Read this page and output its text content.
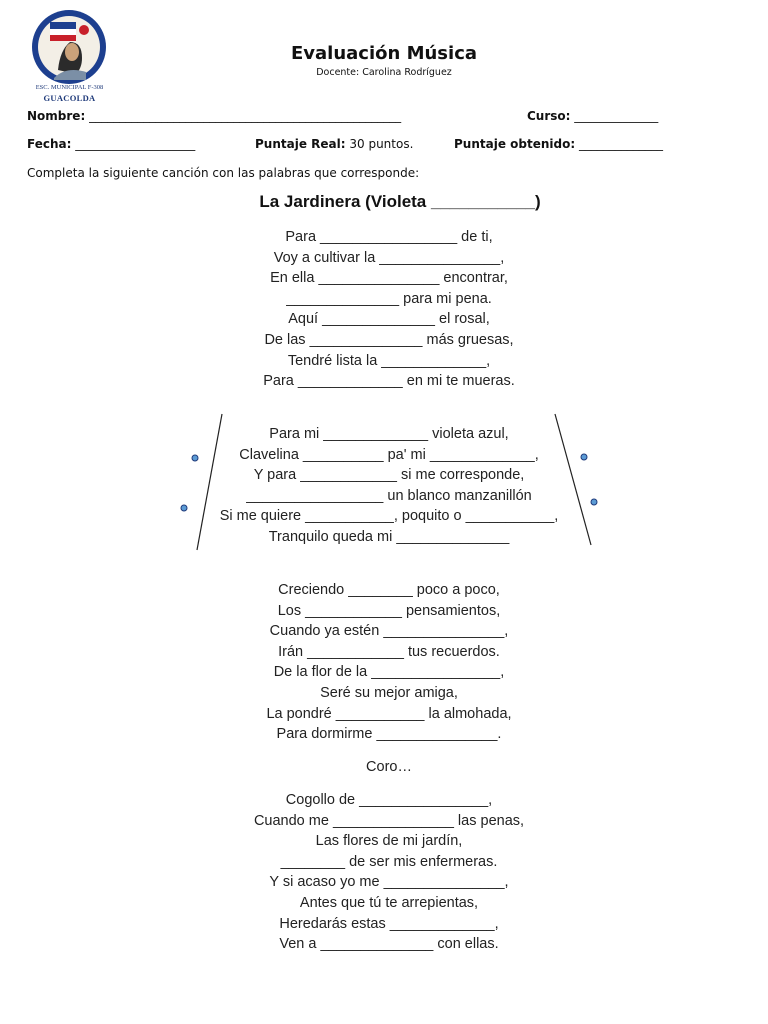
ESC. MUNICIPAL F-308
GUACOLDA
Evaluación Música
Docente: Carolina Rodríguez
Nombre: ____________________________________________________	Curso: ______________
Fecha: ____________________	Puntaje Real: 30 puntos.	Puntaje obtenido: ______________
Completa la siguiente canción con las palabras que corresponde:
La Jardinera (Violeta ___________)
Para _________________ de ti,
Voy a cultivar la _______________,
En ella _______________ encontrar,
______________ para mi pena.
Aquí ______________ el rosal,
De las ______________ más gruesas,
Tendré lista la _____________,
Para _____________ en mi te mueras.
Para mi _____________ violeta azul,
Clavelina __________ pa' mi _____________,
Y para ____________ si me corresponde,
_________________ un blanco manzanillón
Si me quiere ___________, poquito o ___________,
Tranquilo queda mi ______________
Creciendo ________ poco a poco,
Los ____________ pensamientos,
Cuando ya estén _______________,
Irán ____________ tus recuerdos.
De la flor de la ________________,
Seré su mejor amiga,
La pondré ___________ la almohada,
Para dormirme _______________.
Coro…
Cogollo de ________________,
Cuando me _______________ las penas,
Las flores de mi jardín,
________ de ser mis enfermeras.
Y si acaso yo me _______________,
Antes que tú te arrepientas,
Heredarás estas _____________,
Ven a ______________ con ellas.
